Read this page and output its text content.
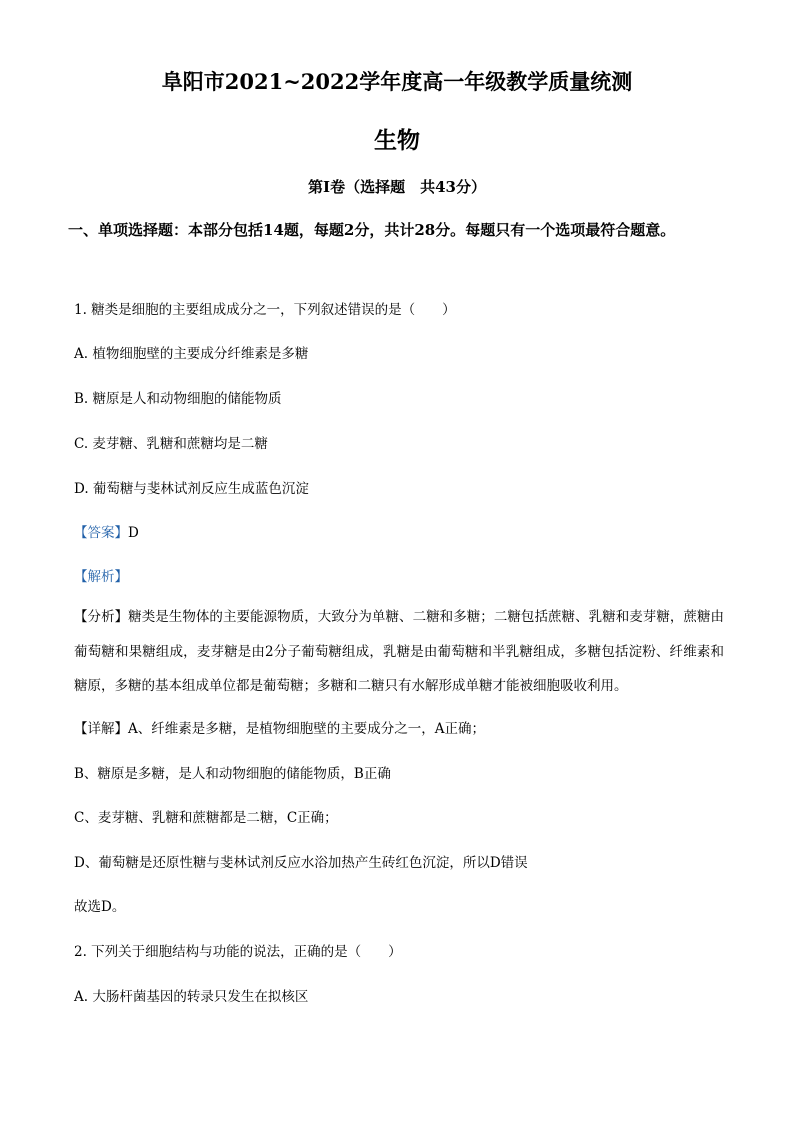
阜阳市2021~2022学年度高一年级教学质量统测
生物
第I卷（选择题　共43分）
一、单项选择题：本部分包括14题，每题2分，共计28分。每题只有一个选项最符合题意。
1. 糖类是细胞的主要组成成分之一，下列叙述错误的是（　　）
A. 植物细胞壁的主要成分纤维素是多糖
B. 糖原是人和动物细胞的储能物质
C. 麦芽糖、乳糖和蔗糖均是二糖
D. 葡萄糖与斐林试剂反应生成蓝色沉淀
【答案】D
【解析】
【分析】糖类是生物体的主要能源物质，大致分为单糖、二糖和多糖；二糖包括蔗糖、乳糖和麦芽糖，蔗糖由葡萄糖和果糖组成，麦芽糖是由2分子葡萄糖组成，乳糖是由葡萄糖和半乳糖组成，多糖包括淀粉、纤维素和糖原，多糖的基本组成单位都是葡萄糖；多糖和二糖只有水解形成单糖才能被细胞吸收利用。
【详解】A、纤维素是多糖，是植物细胞壁的主要成分之一，A正确；
B、糖原是多糖，是人和动物细胞的储能物质，B正确
C、麦芽糖、乳糖和蔗糖都是二糖，C正确；
D、葡萄糖是还原性糖与斐林试剂反应水浴加热产生砖红色沉淀，所以D错误
故选D。
2. 下列关于细胞结构与功能的说法，正确的是（　　）
A. 大肠杆菌基因的转录只发生在拟核区
